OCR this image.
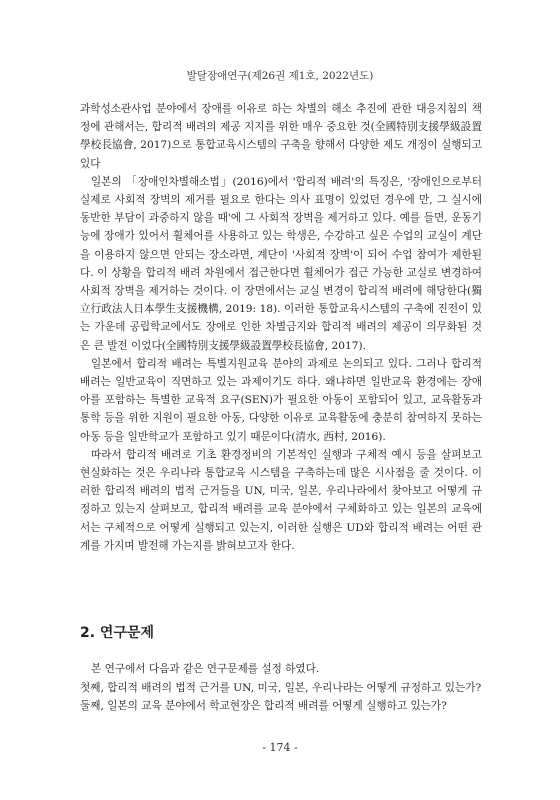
발달장애연구(제26권 제1호, 2022년도)

과학성소관사업 분야에서 장애를 이유로 하는 차별의 해소 추진에 관한 대응지침의 책정에 관해서는, 합리적 배려의 제공 지지를 위한 매우 중요한 것(全國特別支援學級設置學校長協會, 2017)으로 통합교육시스템의 구축을 향해서 다양한 제도 개정이 실행되고 있다

일본의 「장애인차별해소법」(2016)에서 '합리적 배려'의 특징은, '장애인으로부터 실제로 사회적 장벽의 제거를 필요로 한다는 의사 표명이 있었던 경우에 만, 그 실시에 동반한 부담이 과중하지 않을 때'에 그 사회적 장벽을 제거하고 있다. 예를 들면, 운동기능에 장애가 있어서 휠체어를 사용하고 있는 학생은, 수강하고 싶은 수업의 교실이 계단을 이용하지 않으면 안되는 장소라면, 계단이 '사회적 장벽'이 되어 수업 참여가 제한된다. 이 상황을 합리적 배려 차원에서 접근한다면 휠체어가 접근 가능한 교실로 변경하여 사회적 장벽을 제거하는 것이다. 이 장면에서는 교실 변경이 합리적 배려에 해당한다(獨立行政法人日本學生支援機構, 2019: 18). 이러한 통합교육시스템의 구축에 진전이 있는 가운데 공립학교에서도 장애로 인한 차별금지와 합리적 배려의 제공이 의무화된 것은 큰 발전 이었다(全國特別支援學級設置學校長協會, 2017).

일본에서 합리적 배려는 특별지원교육 분야의 과제로 논의되고 있다. 그러나 합리적 배려는 일반교육이 직면하고 있는 과제이기도 하다. 왜냐하면 일반교육 환경에는 장애아를 포함하는 특별한 교육적 요구(SEN)가 필요한 아동이 포함되어 있고, 교육활동과 통학 등을 위한 지원이 필요한 아동, 다양한 이유로 교육활동에 충분히 참여하지 못하는 아동 등을 일반학교가 포함하고 있기 때문이다(清水, 西村, 2016).

따라서 합리적 배려로 기초 환경정비의 기본적인 실행과 구체적 예시 등을 살펴보고 현실화하는 것은 우리나라 통합교육 시스템을 구축하는데 많은 시사점을 줄 것이다. 이러한 합리적 배려의 법적 근거들을 UN, 미국, 일본, 우리나라에서 찾아보고 어떻게 규정하고 있는지 살펴보고, 합리적 배려를 교육 분야에서 구체화하고 있는 일본의 교육에서는 구체적으로 어떻게 실행되고 있는지, 이러한 실행은 UD와 합리적 배려는 어떤 관계를 가지며 발전해 가는지를 밝혀보고자 한다.

2. 연구문제

본 연구에서 다음과 같은 연구문제를 설정 하였다.

첫째, 합리적 배려의 법적 근거를 UN, 미국, 일본, 우리나라는 어떻게 규정하고 있는가?

둘째, 일본의 교육 분야에서 학교현장은 합리적 배려를 어떻게 실행하고 있는가?

- 174 -
